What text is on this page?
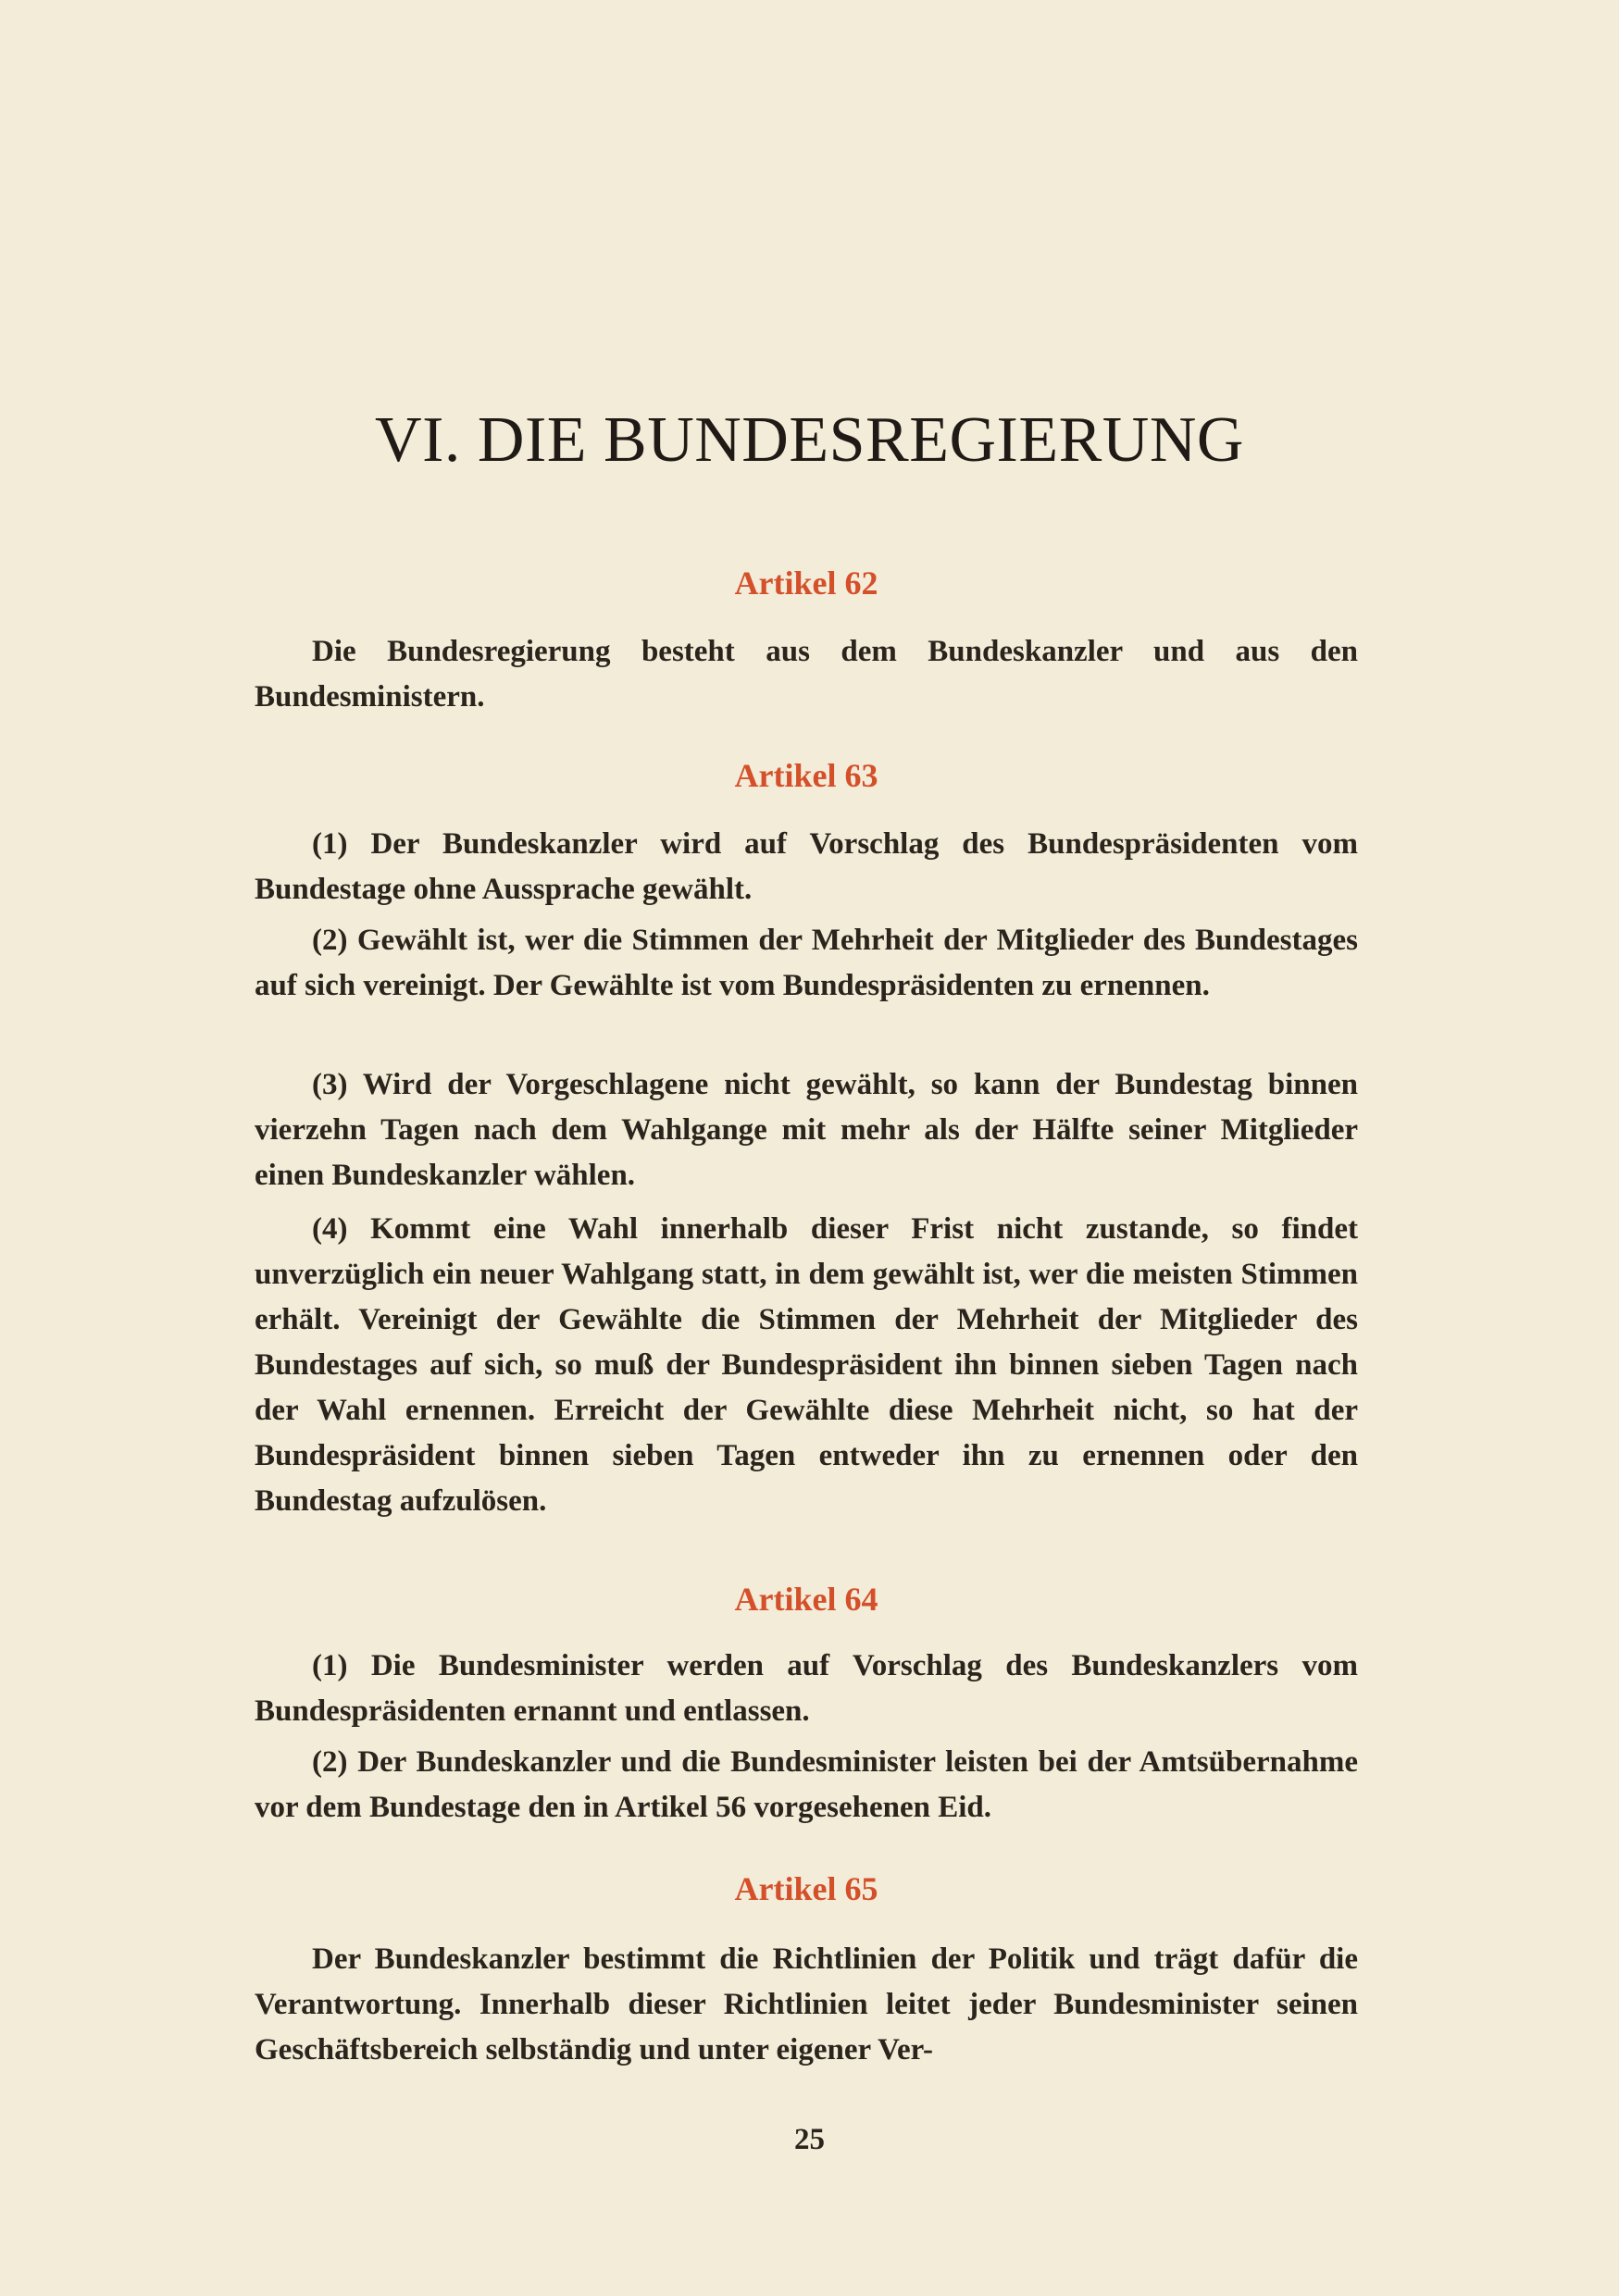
VI. DIE BUNDESREGIERUNG
Artikel 62
Die Bundesregierung besteht aus dem Bundeskanzler und aus den Bundesministern.
Artikel 63
(1) Der Bundeskanzler wird auf Vorschlag des Bundespräsidenten vom Bundestage ohne Aussprache gewählt.
(2) Gewählt ist, wer die Stimmen der Mehrheit der Mitglieder des Bundestages auf sich vereinigt. Der Gewählte ist vom Bundespräsidenten zu ernennen.
(3) Wird der Vorgeschlagene nicht gewählt, so kann der Bundestag binnen vierzehn Tagen nach dem Wahlgange mit mehr als der Hälfte seiner Mitglieder einen Bundeskanzler wählen.
(4) Kommt eine Wahl innerhalb dieser Frist nicht zustande, so findet unverzüglich ein neuer Wahlgang statt, in dem gewählt ist, wer die meisten Stimmen erhält. Vereinigt der Gewählte die Stimmen der Mehrheit der Mitglieder des Bundestages auf sich, so muß der Bundespräsident ihn binnen sieben Tagen nach der Wahl ernennen. Erreicht der Gewählte diese Mehrheit nicht, so hat der Bundespräsident binnen sieben Tagen entweder ihn zu ernennen oder den Bundestag aufzulösen.
Artikel 64
(1) Die Bundesminister werden auf Vorschlag des Bundeskanzlers vom Bundespräsidenten ernannt und entlassen.
(2) Der Bundeskanzler und die Bundesminister leisten bei der Amtsübernahme vor dem Bundestage den in Artikel 56 vorgesehenen Eid.
Artikel 65
Der Bundeskanzler bestimmt die Richtlinien der Politik und trägt dafür die Verantwortung. Innerhalb dieser Richtlinien leitet jeder Bundesminister seinen Geschäftsbereich selbständig und unter eigener Ver-
25
